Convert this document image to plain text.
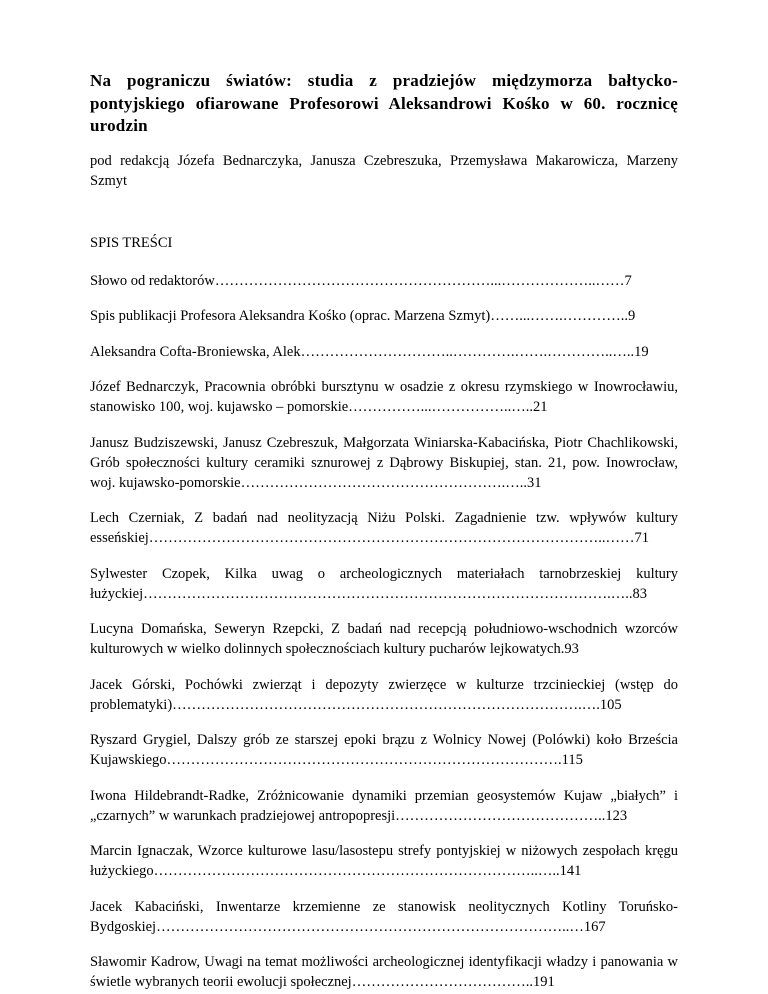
Na pograniczu światów: studia z pradziejów międzymorza bałtycko-pontyjskiego ofiarowane Profesorowi Aleksandrowi Kośko w 60. rocznicę urodzin

pod redakcją Józefa Bednarczyka, Janusza Czebreszuka, Przemysława Makarowicza, Marzeny Szmyt

SPIS TREŚCI

Słowo od redaktorów…………………………………………………...………………..……7
Spis publikacji Profesora Aleksandra Kośko (oprac. Marzena Szmyt)……...…….…………..9
Aleksandra Cofta-Broniewska, Alek…………………………..………….…….…………..…..19
Józef Bednarczyk, Pracownia obróbki bursztynu w osadzie z okresu rzymskiego w Inowrocławiu, stanowisko 100, woj. kujawsko – pomorskie……………...……………..…..21
Janusz Budziszewski, Janusz Czebreszuk, Małgorzata Winiarska-Kabacińska, Piotr Chachlikowski, Grób społeczności kultury ceramiki sznurowej z Dąbrowy Biskupiej, stan. 21, pow. Inowrocław, woj. kujawsko-pomorskie……………………………………………….…..31
Lech Czerniak, Z badań nad neolityzacją Niżu Polski. Zagadnienie tzw. wpływów kultury esseńskiej…………………………………………………………………………………..……71
Sylwester Czopek, Kilka uwag o archeologicznych materiałach tarnobrzeskiej kultury łużyckiej…………………………………………………………………………………….…..83
Lucyna Domańska, Seweryn Rzepcki, Z badań nad recepcją południowo-wschodnich wzorców kulturowych w wielko dolinnych społecznościach kultury pucharów lejkowatych.93
Jacek Górski, Pochówki zwierząt i depozyty zwierzęce w kulturze trzcinieckiej (wstęp do problematyki)………………………………………………………………………….….105
Ryszard Grygiel, Dalszy grób ze starszej epoki brązu z Wolnicy Nowej (Polówki) koło Brześcia Kujawskiego……………………………………………………………………….115
Iwona Hildebrandt-Radke, Zróżnicowanie dynamiki przemian geosystemów Kujaw „białych” i „czarnych” w warunkach pradziejowej antropopresji……………………………………..123
Marcin Ignaczak, Wzorce kulturowe lasu/lasostepu strefy pontyjskiej w niżowych zespołach kręgu łużyckiego……………………………………………………………………..…..141
Jacek Kabaciński, Inwentarze krzemienne ze stanowisk neolitycznych Kotliny Toruńsko-Bydgoskiej…………………………………………………………………………..…167
Sławomir Kadrow, Uwagi na temat możliwości archeologicznej identyfikacji władzy i panowania w świetle wybranych teorii ewolucji społecznej………………………………..191
